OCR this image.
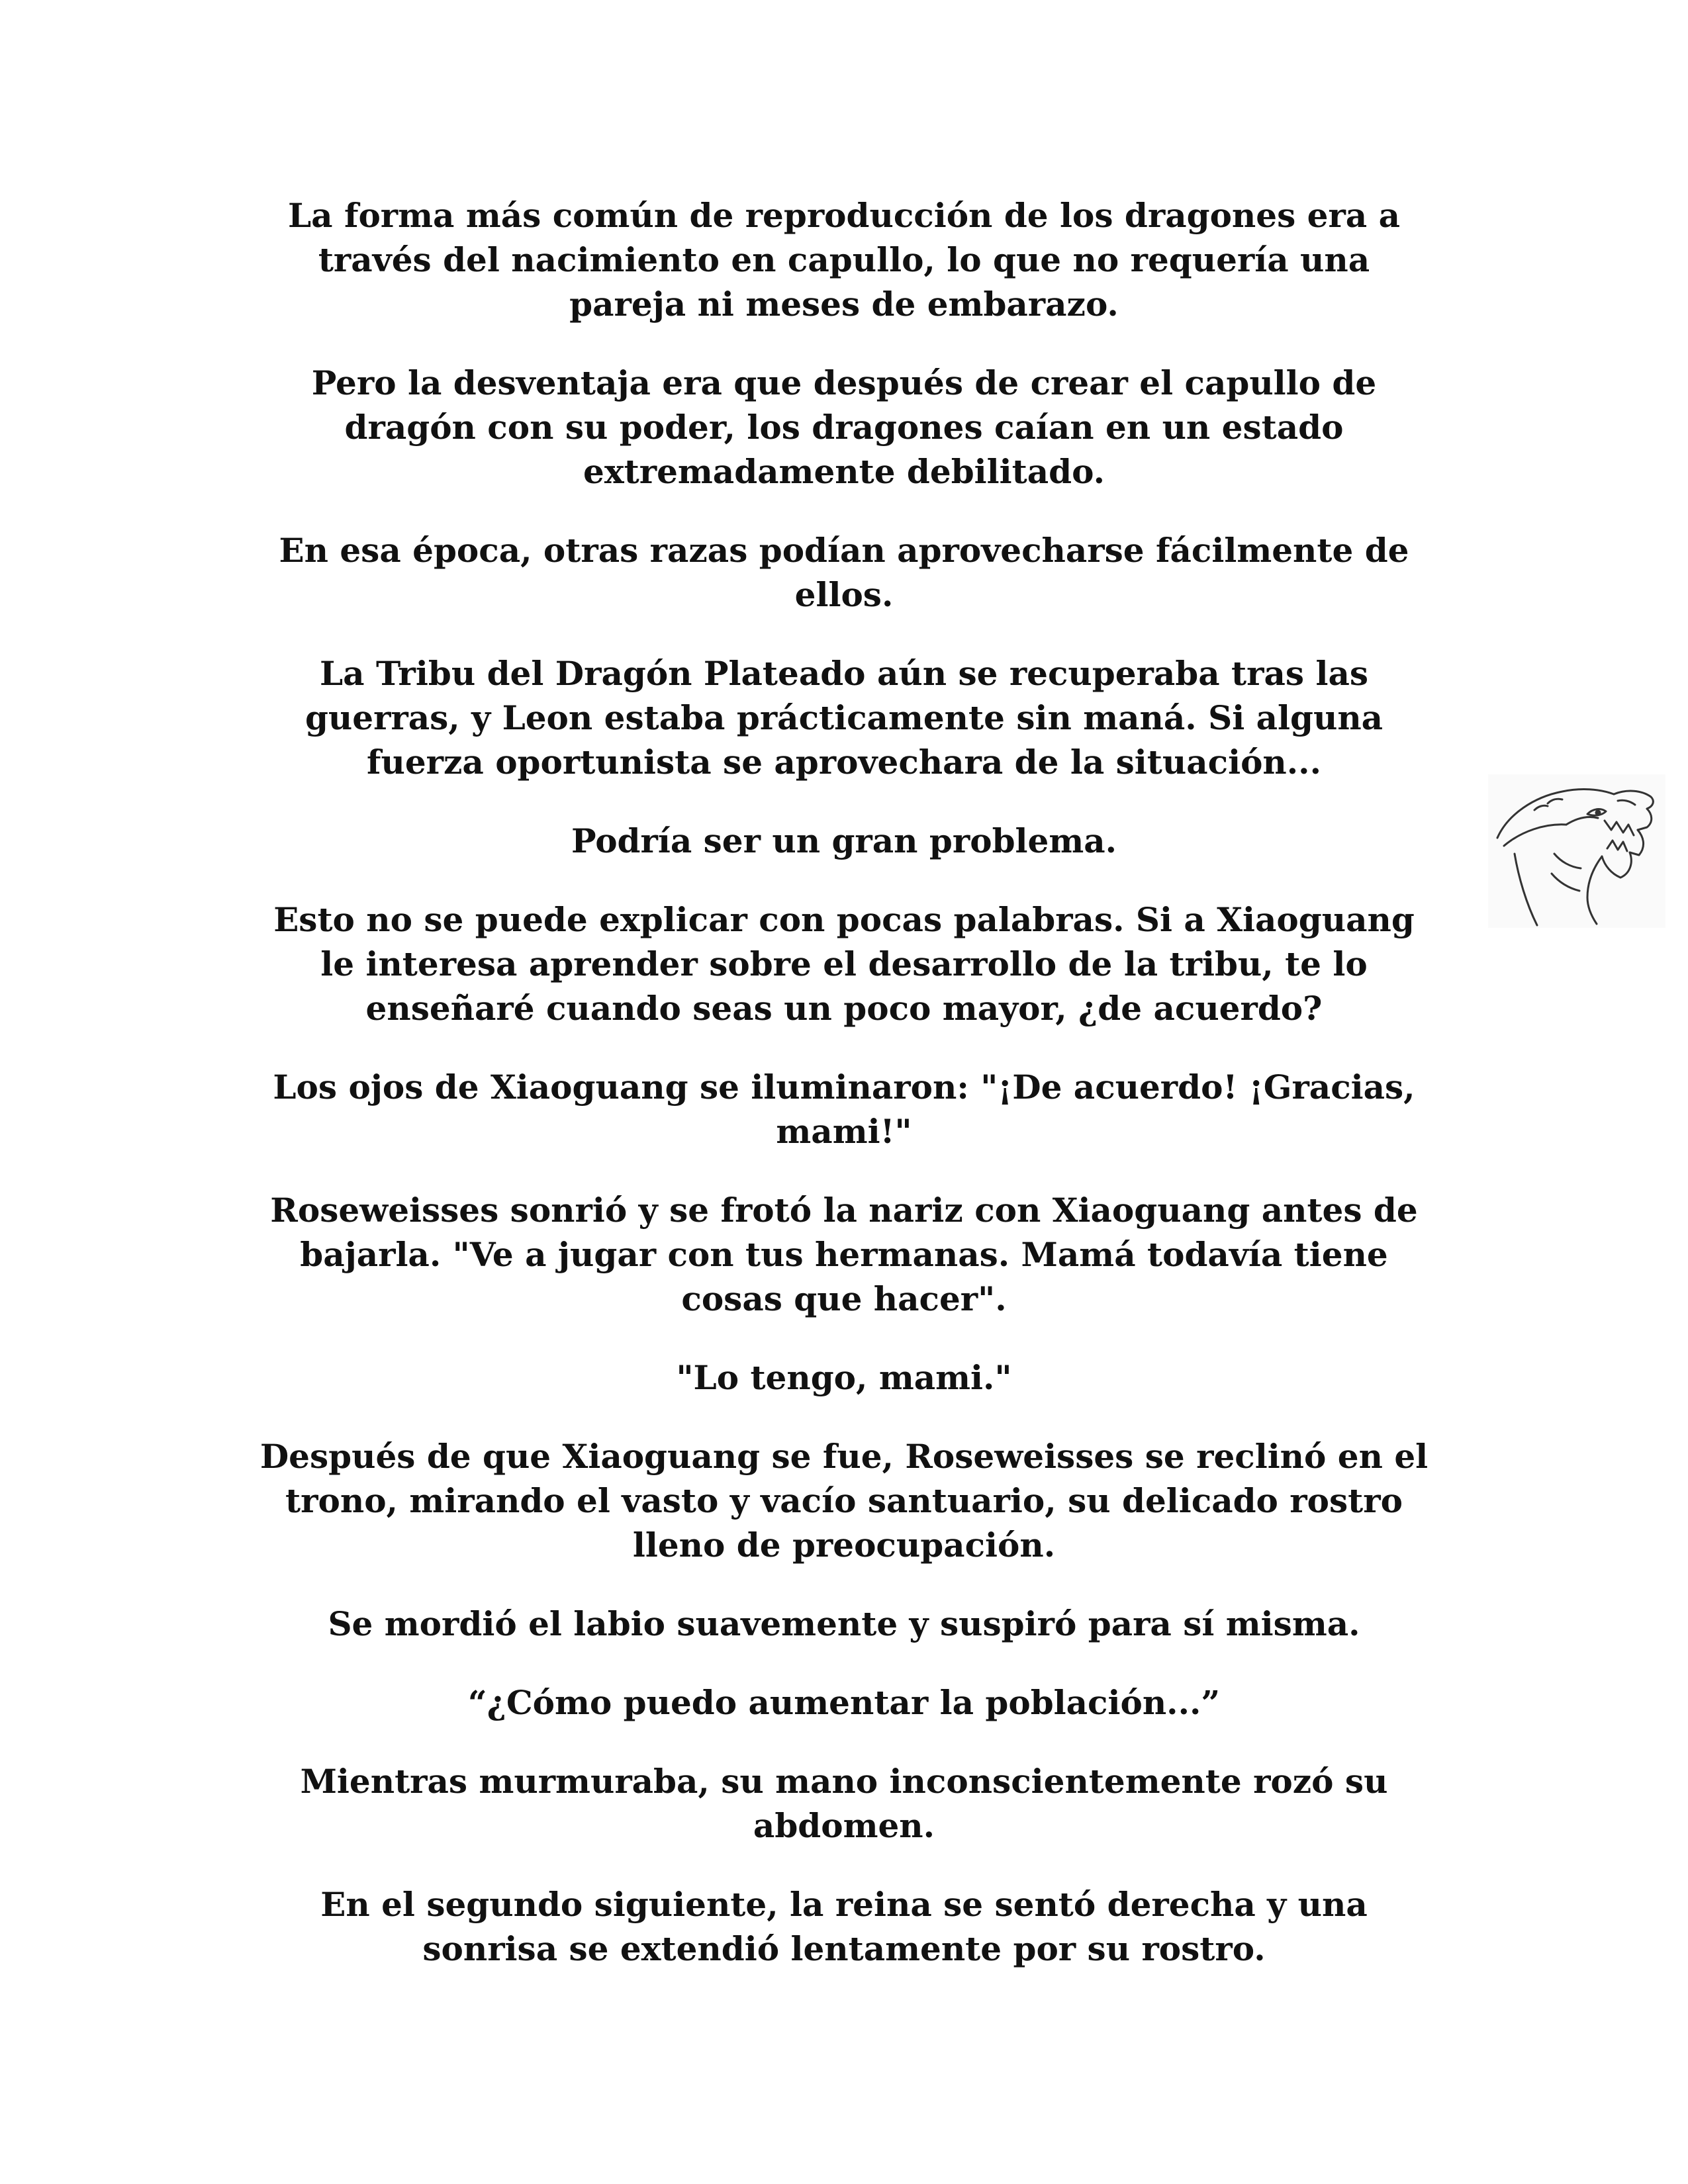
La forma más común de reproducción de los dragones era a
través del nacimiento en capullo, lo que no requería una
pareja ni meses de embarazo.

Pero la desventaja era que después de crear el capullo de
dragón con su poder, los dragones caían en un estado
extremadamente debilitado.

En esa época, otras razas podían aprovecharse fácilmente de
ellos.

La Tribu del Dragón Plateado aún se recuperaba tras las
guerras, y Leon estaba prácticamente sin maná. Si alguna
fuerza oportunista se aprovechara de la situación...

Podría ser un gran problema.

Esto no se puede explicar con pocas palabras. Si a Xiaoguang
le interesa aprender sobre el desarrollo de la tribu, te lo
enseñaré cuando seas un poco mayor, ¿de acuerdo?

Los ojos de Xiaoguang se iluminaron: "¡De acuerdo! ¡Gracias,
mami!"

Roseweisses sonrió y se frotó la nariz con Xiaoguang antes de
bajarla. "Ve a jugar con tus hermanas. Mamá todavía tiene
cosas que hacer".

"Lo tengo, mami."

Después de que Xiaoguang se fue, Roseweisses se reclinó en el
trono, mirando el vasto y vacío santuario, su delicado rostro
lleno de preocupación.

Se mordió el labio suavemente y suspiró para sí misma.

“¿Cómo puedo aumentar la población...”

Mientras murmuraba, su mano inconscientemente rozó su
abdomen.

En el segundo siguiente, la reina se sentó derecha y una
sonrisa se extendió lentamente por su rostro.
